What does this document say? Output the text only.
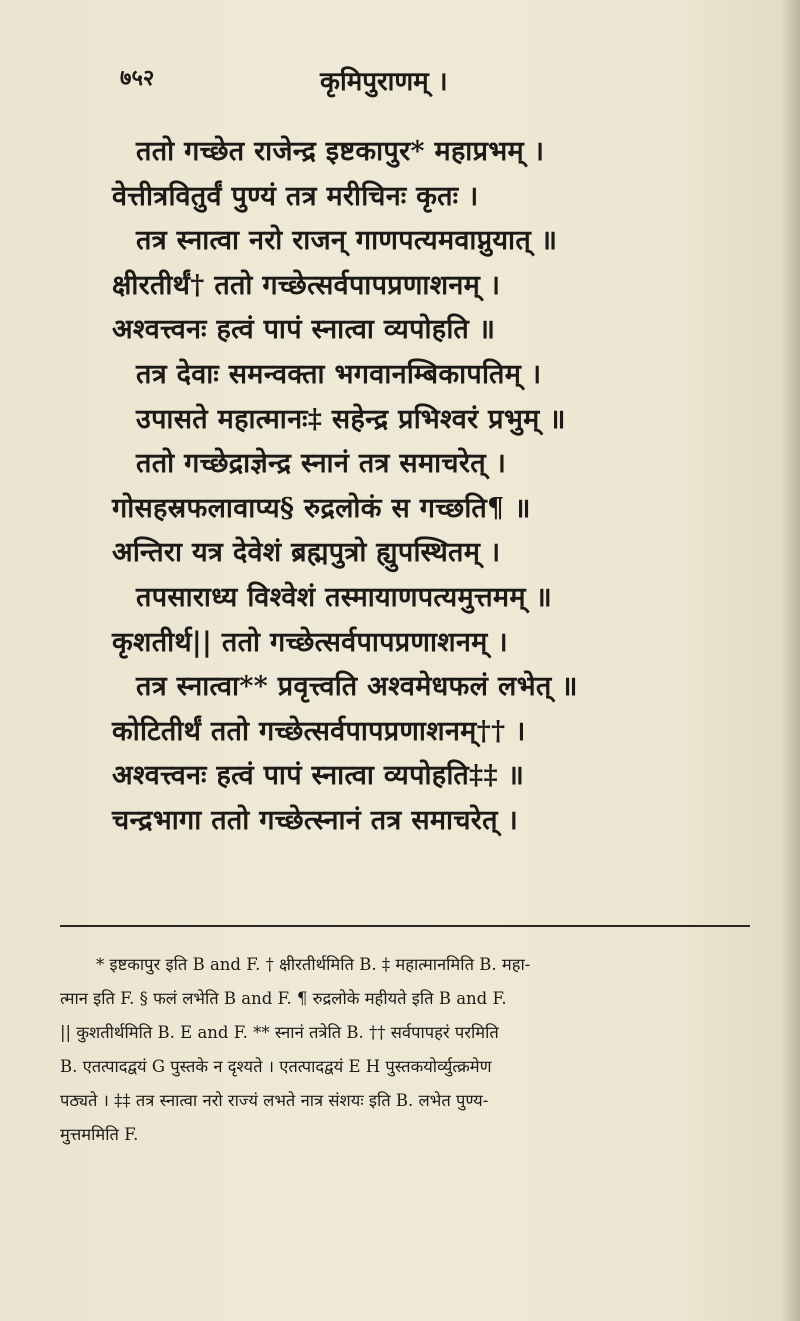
७५२	कृमिपुराणम् ।
ततो गच्छेत राजेन्द्र इष्टकापुर* महाप्रभम् ।
वेत्तीत्रवितुर्वं पुण्यं तत्र मरीचिनः कृतः ।
तत्र स्नात्वा नरो राजन् गाणपत्यमवाप्नुयात् ॥
क्षीरतीर्थं† ततो गच्छेत्सर्वपापप्रणाशनम् ।
अश्वत्त्वनः हत्वं पापं स्नात्वा व्यपोहति ॥
तत्र देवाः समन्वक्ता भगवानम्बिकापतिम् ।
उपासते महात्मानः‡ सहेन्द्र प्रभिश्वरं प्रभुम् ॥
ततो गच्छेद्राज्ञेन्द्र स्नानं तत्र समाचरेत् ।
गोसहस्रफलावाप्य§ रुद्रलोकं स गच्छति¶ ॥
अन्तिरा यत्र देवेशं ब्रह्मपुत्रो ह्युपस्थितम् ।
तपसाराध्य विश्वेशं तस्मायाणपत्यमुत्तमम् ॥
कृशतीर्थ|| ततो गच्छेत्सर्वपापप्रणाशनम् ।
तत्र स्नात्वा** प्रवृत्त्वति अश्वमेधफलं लभेत् ॥
कोटितीर्थं ततो गच्छेत्सर्वपापप्रणाशनम्†† ।
अश्वत्त्वनः हत्वं पापं स्नात्वा व्यपोहति‡‡ ॥
चन्द्रभागा ततो गच्छेत्स्नानं तत्र समाचरेत् ।
* इष्टकापुर इति B and F. † क्षीरतीर्थमिति B. ‡ महात्मानमिति B. महा-
त्मान इति F. § फलं लभेति B and F. ¶ रुद्रलोके महीयते इति B and F.
|| कुशतीर्थमिति B. E and F. ** स्नानं तत्रेति B. †† सर्वपापहरं परमिति
B. एतत्पादद्वयं G पुस्तके न दृश्यते । एतत्पादद्वयं E H पुस्तकयोर्व्युत्क्रमेण
पठ्यते । ‡‡ तत्र स्नात्वा नरो राज्यं लभते नात्र संशयः इति B. लभेत पुण्य-
मुत्तममिति F.
